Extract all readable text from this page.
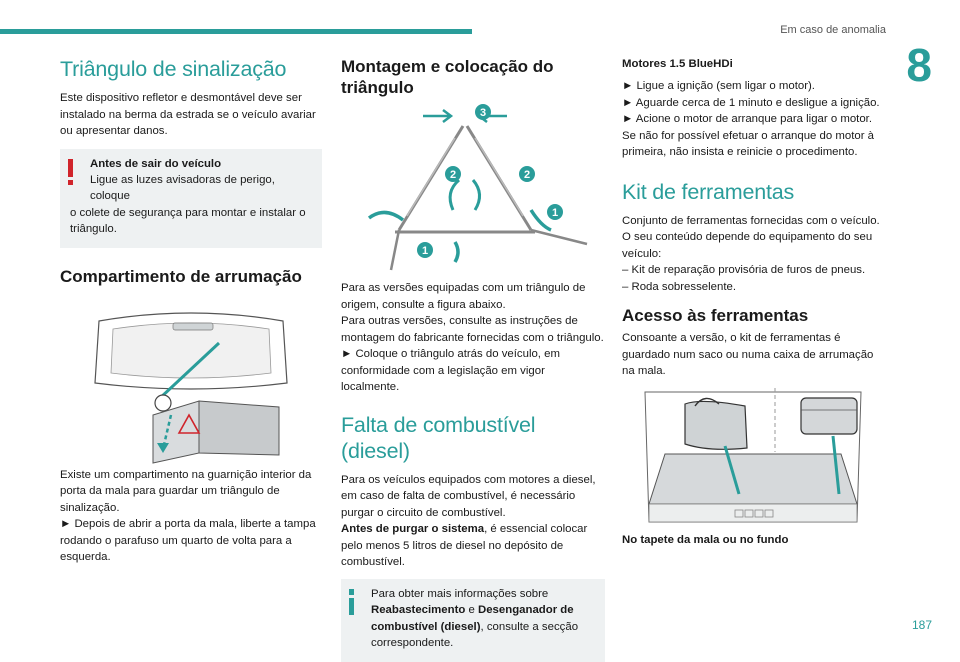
Em caso de anomalia
8
Triângulo de sinalização

Este dispositivo refletor e desmontável deve ser instalado na berma da estrada se o veículo avariar ou apresentar danos.

Antes de sair do veículo

Ligue as luzes avisadoras de perigo, coloque

o colete de segurança para montar e instalar o triângulo.

Compartimento de arrumação

Existe um compartimento na guarnição interior da porta da mala para guardar um triângulo de sinalização.

► Depois de abrir a porta da mala, liberte a tampa rodando o parafuso um quarto de volta para a esquerda.

Montagem e colocação do triângulo
3
2	2
1
1

Para as versões equipadas com um triângulo de origem, consulte a figura abaixo.

Para outras versões, consulte as instruções de montagem do fabricante fornecidas com o triângulo.

► Coloque o triângulo atrás do veículo, em conformidade com a legislação em vigor localmente.

Falta de combustível (diesel)

Para os veículos equipados com motores a diesel, em caso de falta de combustível, é necessário purgar o circuito de combustível.

Antes de purgar o sistema, é essencial colocar pelo menos 5 litros de diesel no depósito de combustível.

Para obter mais informações sobre
Reabastecimento e Desenganador de combustível (diesel), consulte a secção correspondente.

Motores 1.5 BlueHDi

► Ligue a ignição (sem ligar o motor).

► Aguarde cerca de 1 minuto e desligue a ignição.

► Acione o motor de arranque para ligar o motor.

Se não for possível efetuar o arranque do motor à primeira, não insista e reinicie o procedimento.

Kit de ferramentas

Conjunto de ferramentas fornecidas com o veículo. O seu conteúdo depende do equipamento do seu veículo:

– Kit de reparação provisória de furos de pneus.

– Roda sobresselente.

Acesso às ferramentas

Consoante a versão, o kit de ferramentas é guardado num saco ou numa caixa de arrumação na mala.

No tapete da mala ou no fundo
187
